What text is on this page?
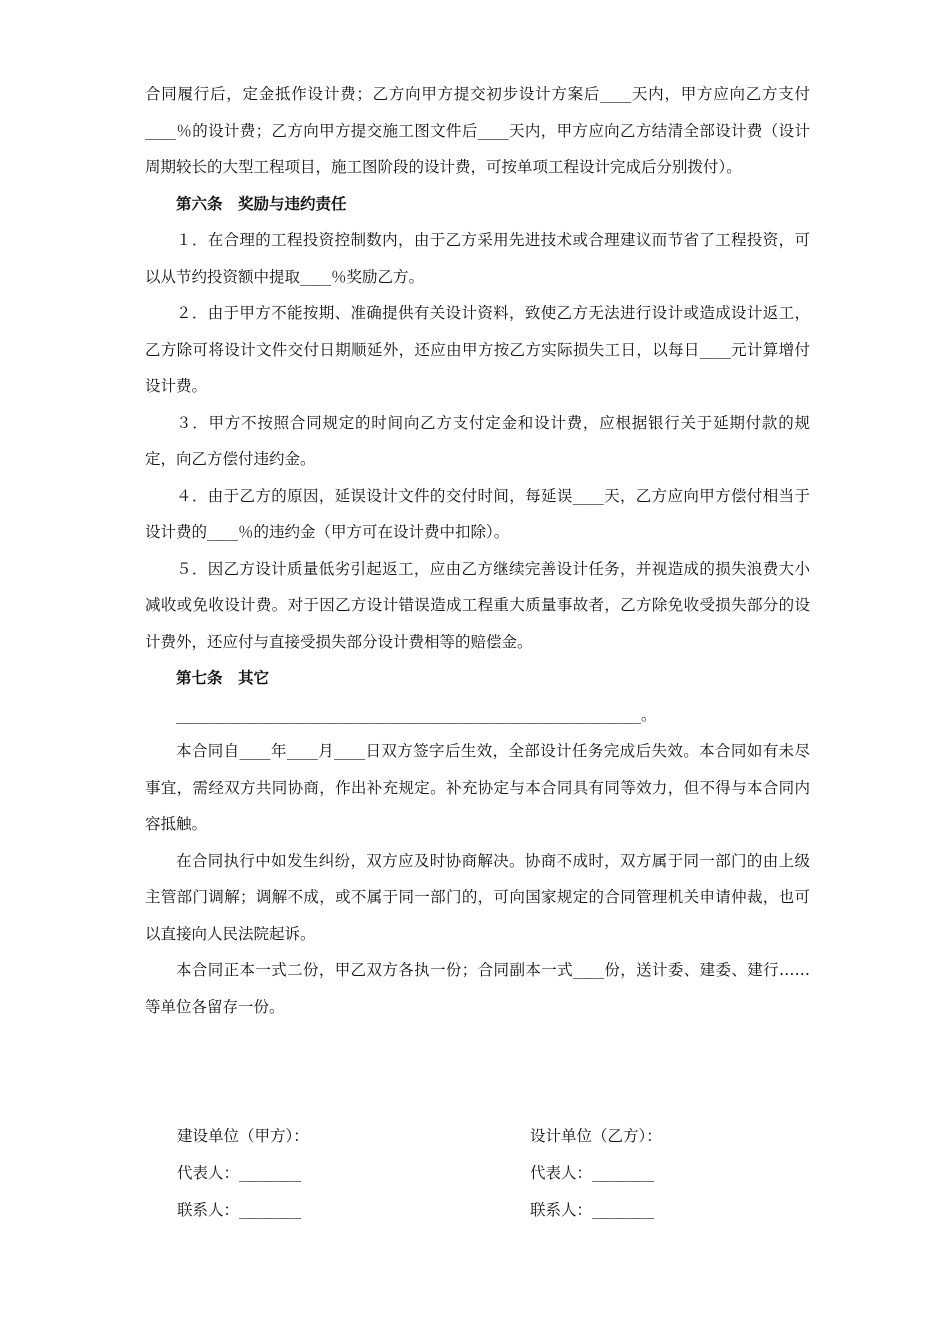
合同履行后，定金抵作设计费；乙方向甲方提交初步设计方案后____天内，甲方应向乙方支付____％的设计费；乙方向甲方提交施工图文件后____天内，甲方应向乙方结清全部设计费（设计周期较长的大型工程项目，施工图阶段的设计费，可按单项工程设计完成后分别拨付）。

第六条　奖励与违约责任

１．在合理的工程投资控制数内，由于乙方采用先进技术或合理建议而节省了工程投资，可以从节约投资额中提取____％奖励乙方。

２．由于甲方不能按期、准确提供有关设计资料，致使乙方无法进行设计或造成设计返工，乙方除可将设计文件交付日期顺延外，还应由甲方按乙方实际损失工日，以每日____元计算增付设计费。

３．甲方不按照合同规定的时间向乙方支付定金和设计费，应根据银行关于延期付款的规定，向乙方偿付违约金。

４．由于乙方的原因，延误设计文件的交付时间，每延误____天，乙方应向甲方偿付相当于设计费的____％的违约金（甲方可在设计费中扣除）。

５．因乙方设计质量低劣引起返工，应由乙方继续完善设计任务，并视造成的损失浪费大小减收或免收设计费。对于因乙方设计错误造成工程重大质量事故者，乙方除免收受损失部分的设计费外，还应付与直接受损失部分设计费相等的赔偿金。

第七条　其它

____________________________________________________________。

本合同自____年____月____日双方签字后生效，全部设计任务完成后失效。本合同如有未尽事宜，需经双方共同协商，作出补充规定。补充协定与本合同具有同等效力，但不得与本合同内容抵触。

在合同执行中如发生纠纷，双方应及时协商解决。协商不成时，双方属于同一部门的由上级主管部门调解；调解不成，或不属于同一部门的，可向国家规定的合同管理机关申请仲裁，也可以直接向人民法院起诉。

本合同正本一式二份，甲乙双方各执一份；合同副本一式____份，送计委、建委、建行……等单位各留存一份。

建设单位（甲方）：	设计单位（乙方）：
代表人：________	代表人：________
联系人：________	联系人：________
